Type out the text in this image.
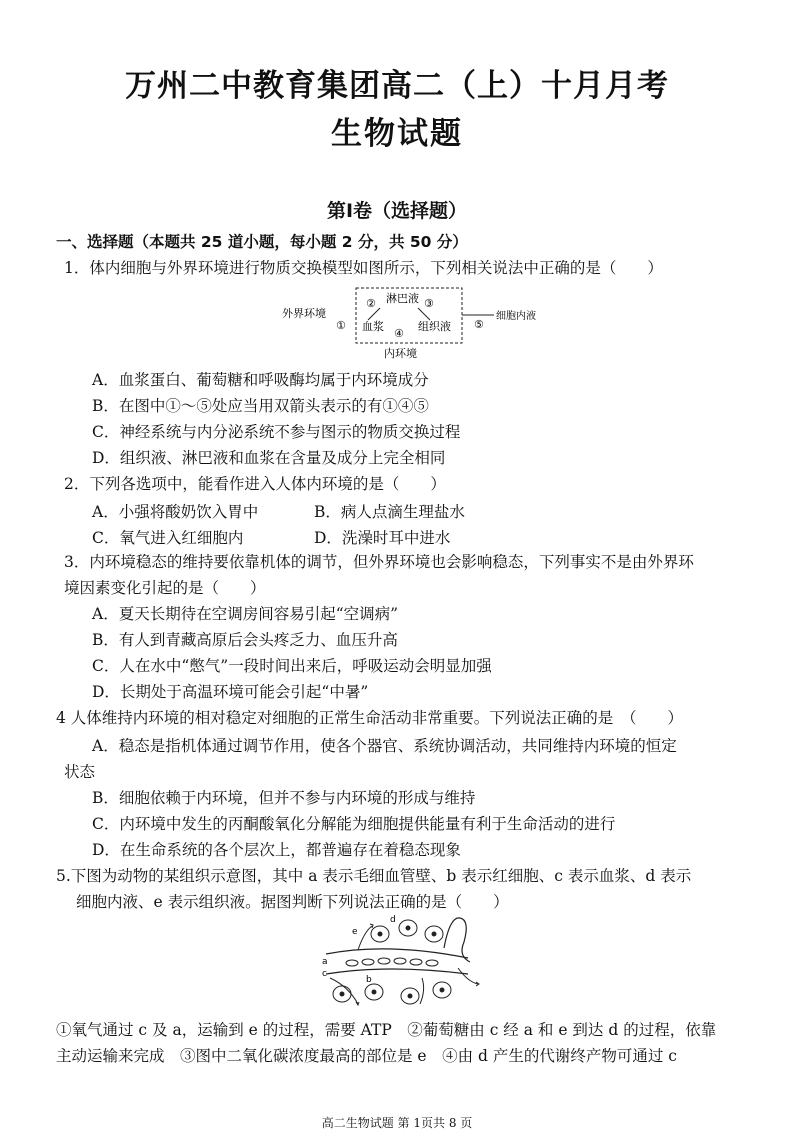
万州二中教育集团高二（上）十月月考
生物试题
第Ⅰ卷（选择题）
一、选择题（本题共 25 道小题，每小题 2 分，共 50 分）
1．体内细胞与外界环境进行物质交换模型如图所示，下列相关说法中正确的是（　　）
外界环境
①
② 淋巴液 ③
血浆
④
组织液 ⑤
细胞内液
内环境
A．血浆蛋白、葡萄糖和呼吸酶均属于内环境成分
B．在图中①～⑤处应当用双箭头表示的有①④⑤
C．神经系统与内分泌系统不参与图示的物质交换过程
D．组织液、淋巴液和血浆在含量及成分上完全相同
2．下列各选项中，能看作进入人体内环境的是（　　）
A．小强将酸奶饮入胃中	B．病人点滴生理盐水
C．氧气进入红细胞内	D．洗澡时耳中进水
3．内环境稳态的维持要依靠机体的调节，但外界环境也会影响稳态，下列事实不是由外界环
境因素变化引起的是（　　）
A．夏天长期待在空调房间容易引起“空调病”
B．有人到青藏高原后会头疼乏力、血压升高
C．人在水中“憋气”一段时间出来后，呼吸运动会明显加强
D．长期处于高温环境可能会引起“中暑”
4 人体维持内环境的相对稳定对细胞的正常生命活动非常重要。下列说法正确的是　（　　）
A．稳态是指机体通过调节作用，使各个器官、系统协调活动，共同维持内环境的恒定
状态
B．细胞依赖于内环境，但并不参与内环境的形成与维持
C．内环境中发生的丙酮酸氧化分解能为细胞提供能量有利于生命活动的进行
D．在生命系统的各个层次上，都普遍存在着稳态现象
5.下图为动物的某组织示意图，其中 a 表示毛细血管壁、b 表示红细胞、c 表示血浆、d 表示
细胞内液、e 表示组织液。据图判断下列说法正确的是（　　）
a
b
c
d
e
①氧气通过 c 及 a，运输到 e 的过程，需要 ATP　②葡萄糖由 c 经 a 和 e 到达 d 的过程，依靠
主动运输来完成　③图中二氧化碳浓度最高的部位是 e　④由 d 产生的代谢终产物可通过 c
高二生物试题 第 1页共 8 页
